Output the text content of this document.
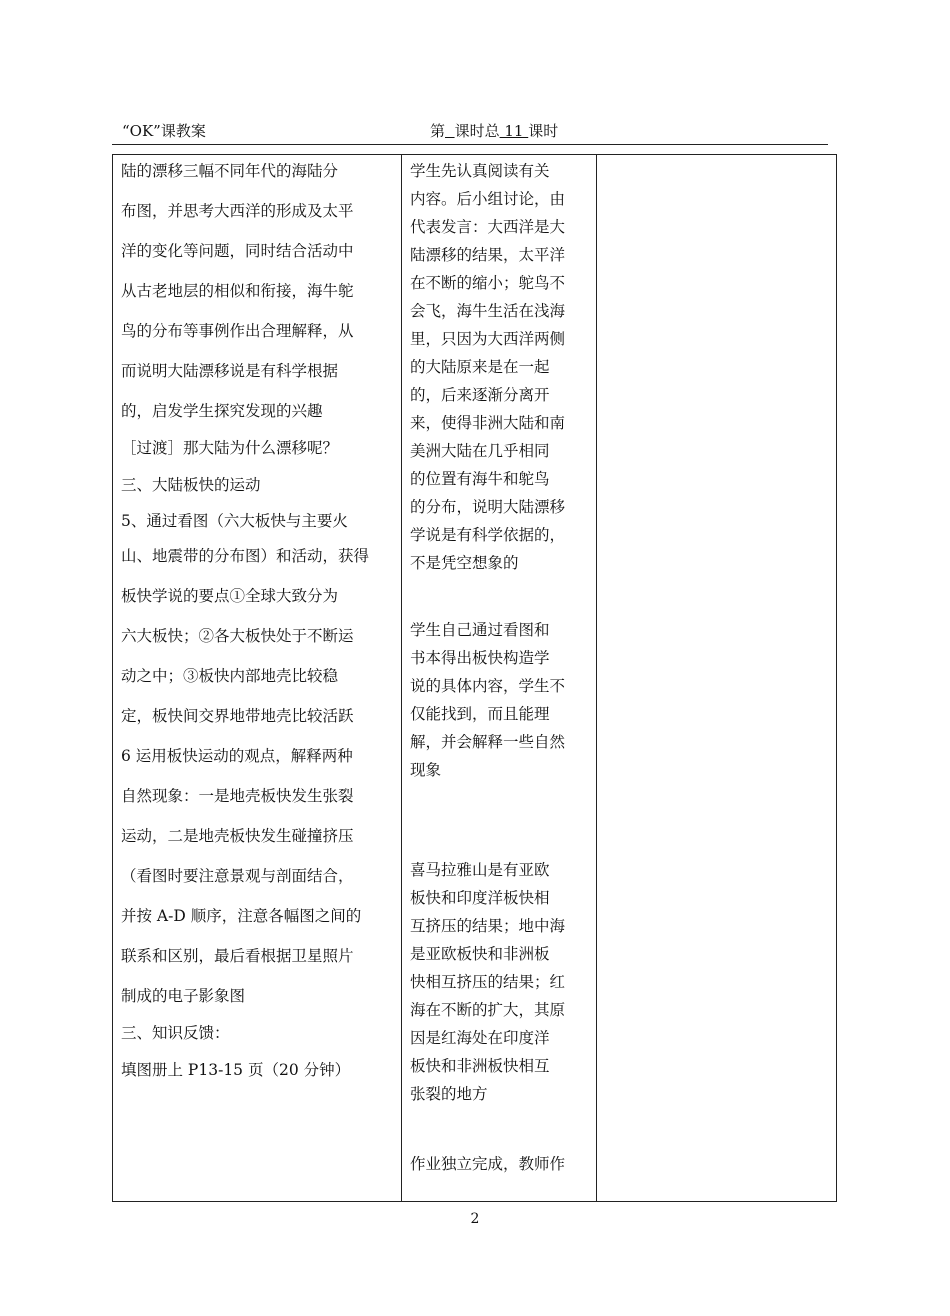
“OK”课教案	第 课时总 11 课时
陆的漂移三幅不同年代的海陆分
布图，并思考大西洋的形成及太平
洋的变化等问题，同时结合活动中
从古老地层的相似和衔接，海牛鸵
鸟的分布等事例作出合理解释，从
而说明大陆漂移说是有科学根据
的，启发学生探究发现的兴趣
［过渡］那大陆为什么漂移呢？
三、大陆板快的运动
5、通过看图（六大板快与主要火
山、地震带的分布图）和活动，获得
板快学说的要点①全球大致分为
六大板快；②各大板快处于不断运
动之中；③板快内部地壳比较稳
定，板快间交界地带地壳比较活跃
6 运用板快运动的观点，解释两种
自然现象：一是地壳板快发生张裂
运动，二是地壳板快发生碰撞挤压
（看图时要注意景观与剖面结合，
并按 A-D 顺序，注意各幅图之间的
联系和区别，最后看根据卫星照片
制成的电子影象图
三、知识反馈：
填图册上 P13-15 页（20 分钟）
学生先认真阅读有关
内容。后小组讨论，由
代表发言：大西洋是大
陆漂移的结果，太平洋
在不断的缩小；鸵鸟不
会飞，海牛生活在浅海
里，只因为大西洋两侧
的大陆原来是在一起
的，后来逐渐分离开
来，使得非洲大陆和南
美洲大陆在几乎相同
的位置有海牛和鸵鸟
的分布，说明大陆漂移
学说是有科学依据的，
不是凭空想象的
学生自己通过看图和
书本得出板快构造学
说的具体内容，学生不
仅能找到，而且能理
解，并会解释一些自然
现象
喜马拉雅山是有亚欧
板快和印度洋板快相
互挤压的结果；地中海
是亚欧板快和非洲板
快相互挤压的结果；红
海在不断的扩大，其原
因是红海处在印度洋
板快和非洲板快相互
张裂的地方
作业独立完成，教师作
2
